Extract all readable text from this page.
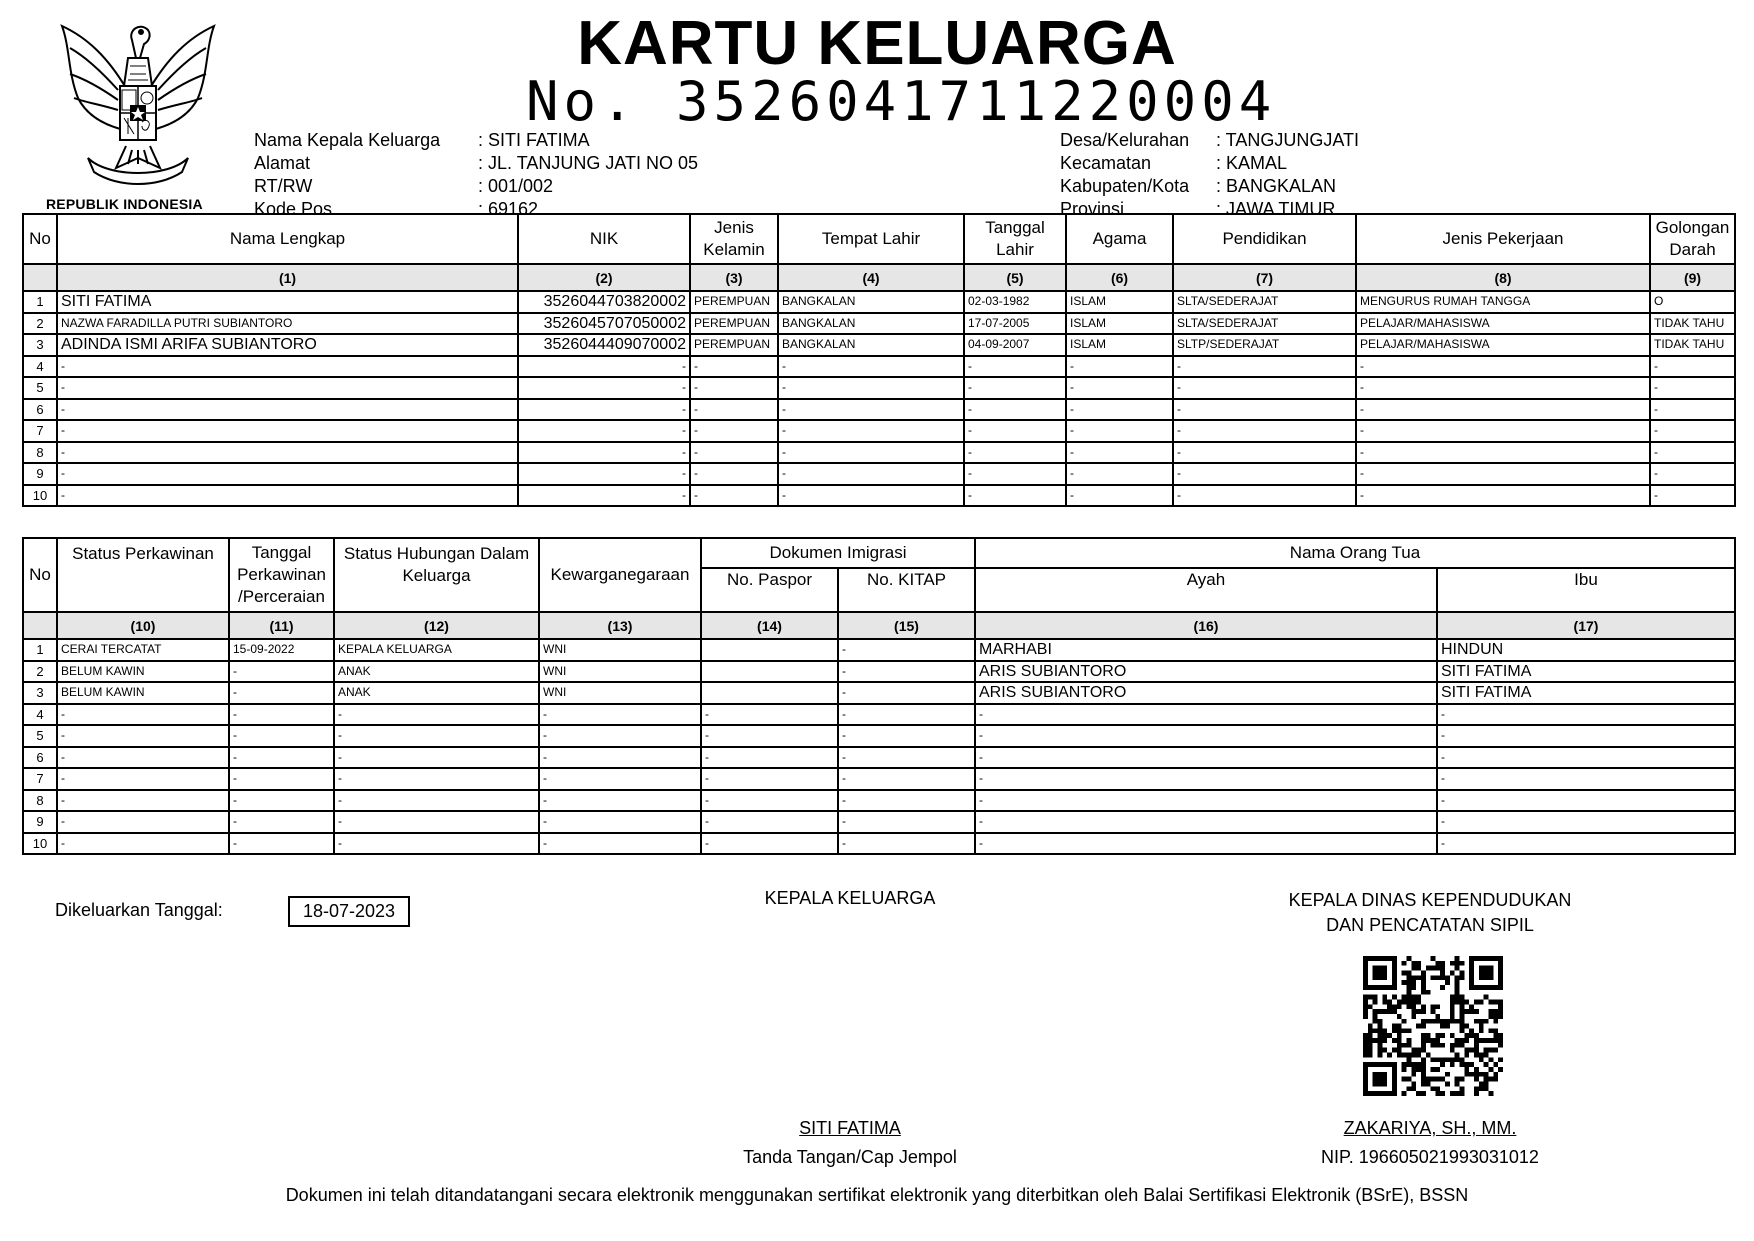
REPUBLIK INDONESIA
KARTU KELUARGA
No. 3526041711220004
Nama Kepala Keluarga	: SITI FATIMA
Alamat	: JL. TANJUNG JATI NO 05
RT/RW	: 001/002
Kode Pos	: 69162
Desa/Kelurahan	: TANGJUNGJATI
Kecamatan	: KAMAL
Kabupaten/Kota	: BANGKALAN
Provinsi	: JAWA TIMUR
No	Nama Lengkap	NIK	Jenis Kelamin	Tempat Lahir	Tanggal Lahir	Agama	Pendidikan	Jenis Pekerjaan	Golongan Darah
	(1)	(2)	(3)	(4)	(5)	(6)	(7)	(8)	(9)
1	SITI FATIMA	3526044703820002	PEREMPUAN	BANGKALAN	02-03-1982	ISLAM	SLTA/SEDERAJAT	MENGURUS RUMAH TANGGA	O
2	NAZWA FARADILLA PUTRI SUBIANTORO	3526045707050002	PEREMPUAN	BANGKALAN	17-07-2005	ISLAM	SLTA/SEDERAJAT	PELAJAR/MAHASISWA	TIDAK TAHU
3	ADINDA ISMI ARIFA SUBIANTORO	3526044409070002	PEREMPUAN	BANGKALAN	04-09-2007	ISLAM	SLTP/SEDERAJAT	PELAJAR/MAHASISWA	TIDAK TAHU
4	-	-	-	-	-	-	-	-	-
5	-	-	-	-	-	-	-	-	-
6	-	-	-	-	-	-	-	-	-
7	-	-	-	-	-	-	-	-	-
8	-	-	-	-	-	-	-	-	-
9	-	-	-	-	-	-	-	-	-
10	-	-	-	-	-	-	-	-	-
No	Status Perkawinan	Tanggal Perkawinan /Perceraian	Status Hubungan Dalam Keluarga	Kewarganegaraan	Dokumen Imigrasi		Nama Orang Tua	
					No. Paspor	No. KITAP	Ayah	Ibu
	(10)	(11)	(12)	(13)	(14)	(15)	(16)	(17)
1	CERAI TERCATAT	15-09-2022	KEPALA KELUARGA	WNI		-	MARHABI	HINDUN
2	BELUM KAWIN	-	ANAK	WNI		-	ARIS SUBIANTORO	SITI FATIMA
3	BELUM KAWIN	-	ANAK	WNI		-	ARIS SUBIANTORO	SITI FATIMA
4	-	-	-	-	-	-	-	-
5	-	-	-	-	-	-	-	-
6	-	-	-	-	-	-	-	-
7	-	-	-	-	-	-	-	-
8	-	-	-	-	-	-	-	-
9	-	-	-	-	-	-	-	-
10	-	-	-	-	-	-	-	-
Dikeluarkan Tanggal:	18-07-2023
KEPALA KELUARGA	KEPALA DINAS KEPENDUDUKAN
DAN PENCATATAN SIPIL
SITI FATIMA
Tanda Tangan/Cap Jempol
ZAKARIYA, SH., MM.
NIP. 196605021993031012
Dokumen ini telah ditandatangani secara elektronik menggunakan sertifikat elektronik yang diterbitkan oleh Balai Sertifikasi Elektronik (BSrE), BSSN
